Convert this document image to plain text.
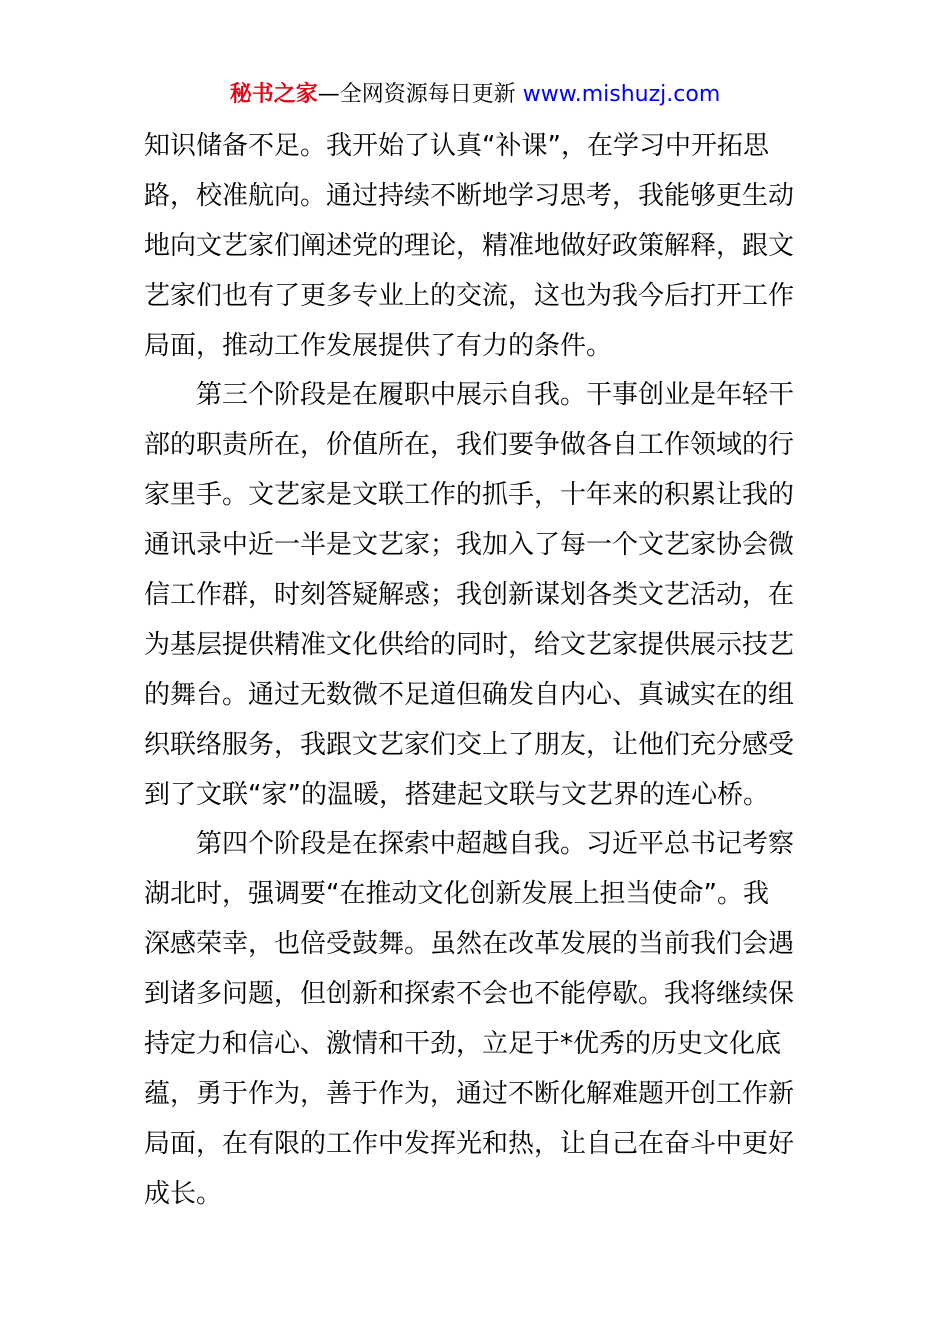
秘书之家—全网资源每日更新 www.mishuzj.com
知识储备不足。我开始了认真“补课”，在学习中开拓思
路，校准航向。通过持续不断地学习思考，我能够更生动
地向文艺家们阐述党的理论，精准地做好政策解释，跟文
艺家们也有了更多专业上的交流，这也为我今后打开工作
局面，推动工作发展提供了有力的条件。
第三个阶段是在履职中展示自我。干事创业是年轻干
部的职责所在，价值所在，我们要争做各自工作领域的行
家里手。文艺家是文联工作的抓手，十年来的积累让我的
通讯录中近一半是文艺家；我加入了每一个文艺家协会微
信工作群，时刻答疑解惑；我创新谋划各类文艺活动，在
为基层提供精准文化供给的同时，给文艺家提供展示技艺
的舞台。通过无数微不足道但确发自内心、真诚实在的组
织联络服务，我跟文艺家们交上了朋友，让他们充分感受
到了文联“家”的温暖，搭建起文联与文艺界的连心桥。
第四个阶段是在探索中超越自我。习近平总书记考察
湖北时，强调要“在推动文化创新发展上担当使命”。我
深感荣幸，也倍受鼓舞。虽然在改革发展的当前我们会遇
到诸多问题，但创新和探索不会也不能停歇。我将继续保
持定力和信心、激情和干劲，立足于*优秀的历史文化底
蕴，勇于作为，善于作为，通过不断化解难题开创工作新
局面，在有限的工作中发挥光和热，让自己在奋斗中更好
成长。
